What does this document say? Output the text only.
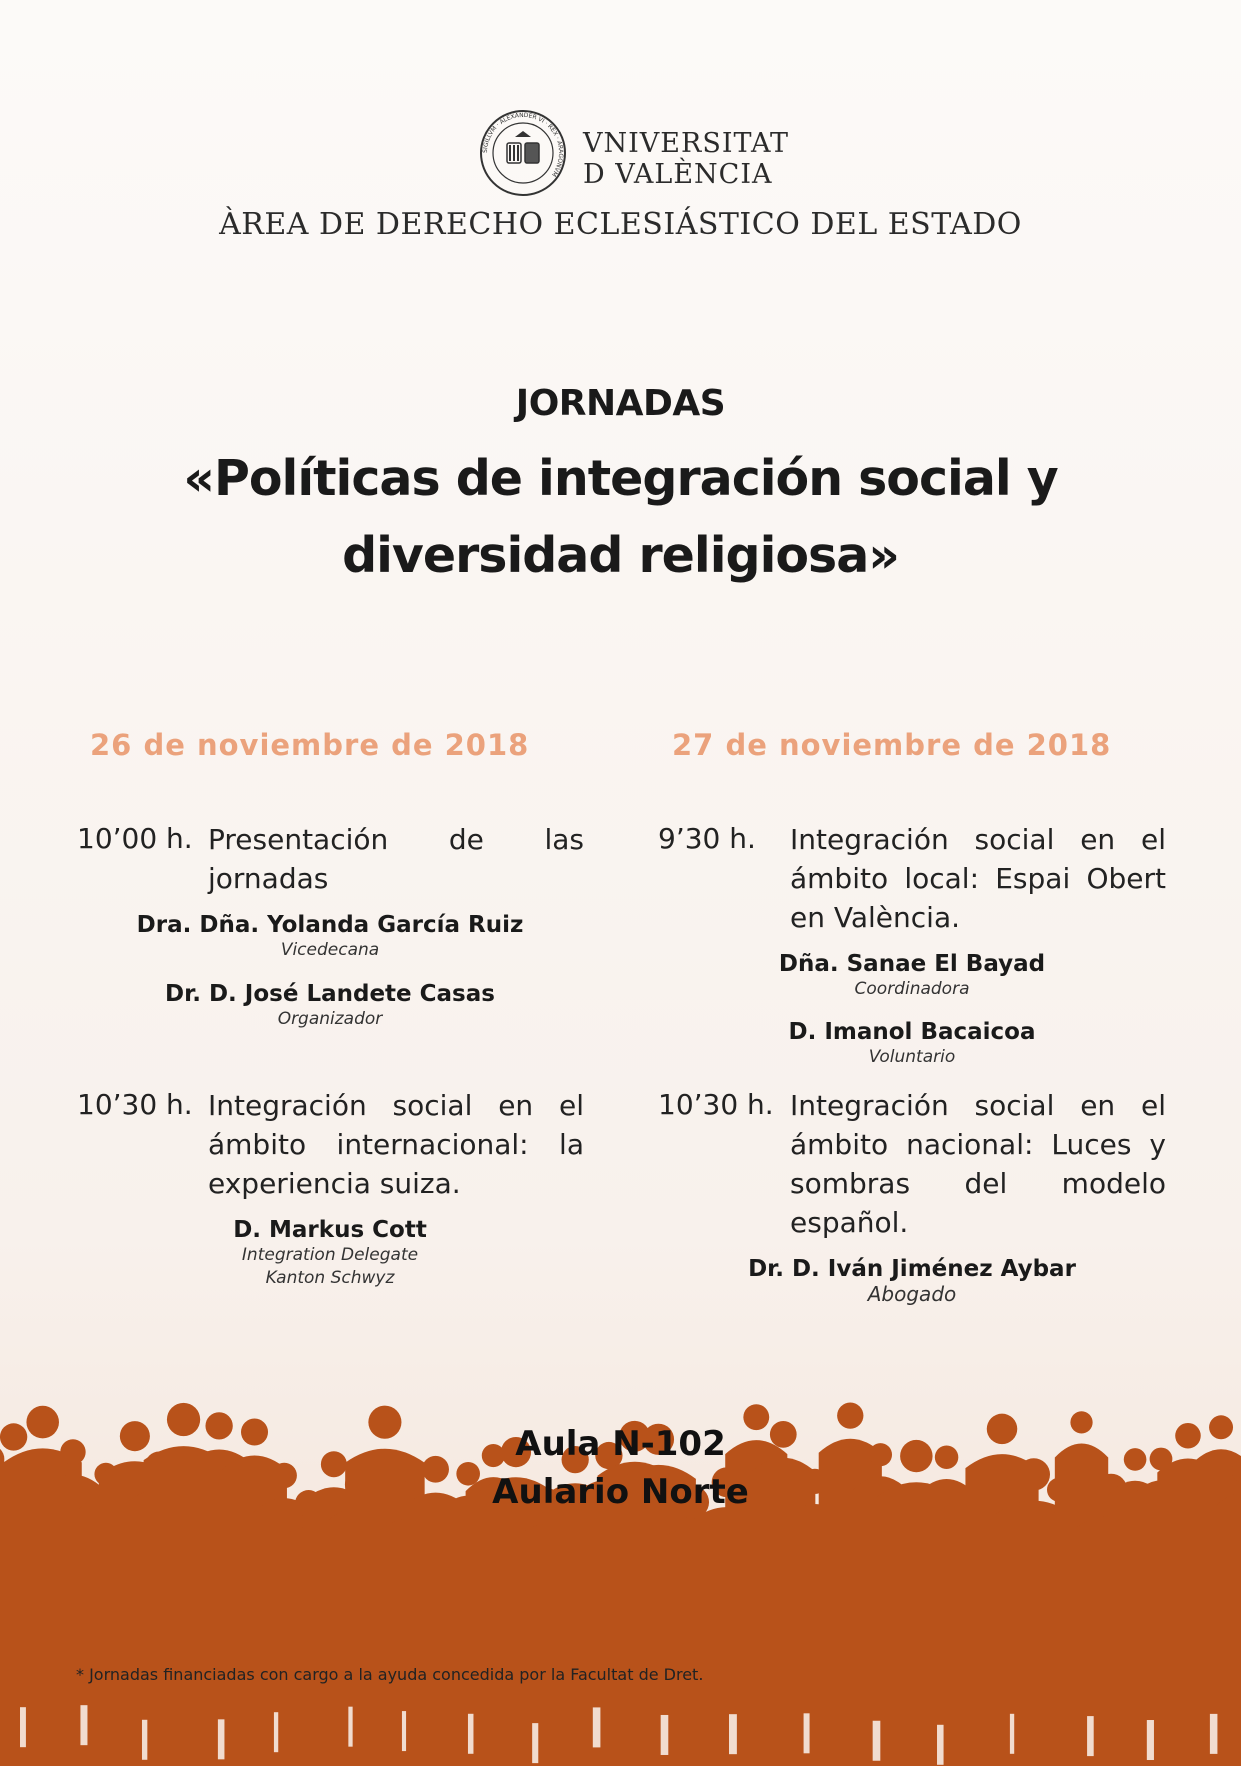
SIGILLVM · ALEXANDER VI · REX · ARAGONVM
VNIVERSITAT
D VALÈNCIA
ÀREA DE DERECHO ECLESIÁSTICO DEL ESTADO
JORNADAS
«Políticas de integración social y
diversidad religiosa»
26 de noviembre de 2018	27 de noviembre de 2018
10’00 h. Presentación de las jornadas
Dra. Dña. Yolanda García Ruiz
Vicedecana
Dr. D. José Landete Casas
Organizador
10’30 h. Integración social en el ámbito internacional: la experiencia suiza.
D. Markus Cott
Integration Delegate
Kanton Schwyz
9’30 h. Integración social en el ámbito local: Espai Obert en València.
Dña. Sanae El Bayad
Coordinadora
D. Imanol Bacaicoa
Voluntario
10’30 h. Integración social en el ámbito nacional: Luces y sombras del modelo español.
Dr. D. Iván Jiménez Aybar
Abogado
Aula N-102
Aulario Norte
* Jornadas financiadas con cargo a la ayuda concedida por la Facultat de Dret.
